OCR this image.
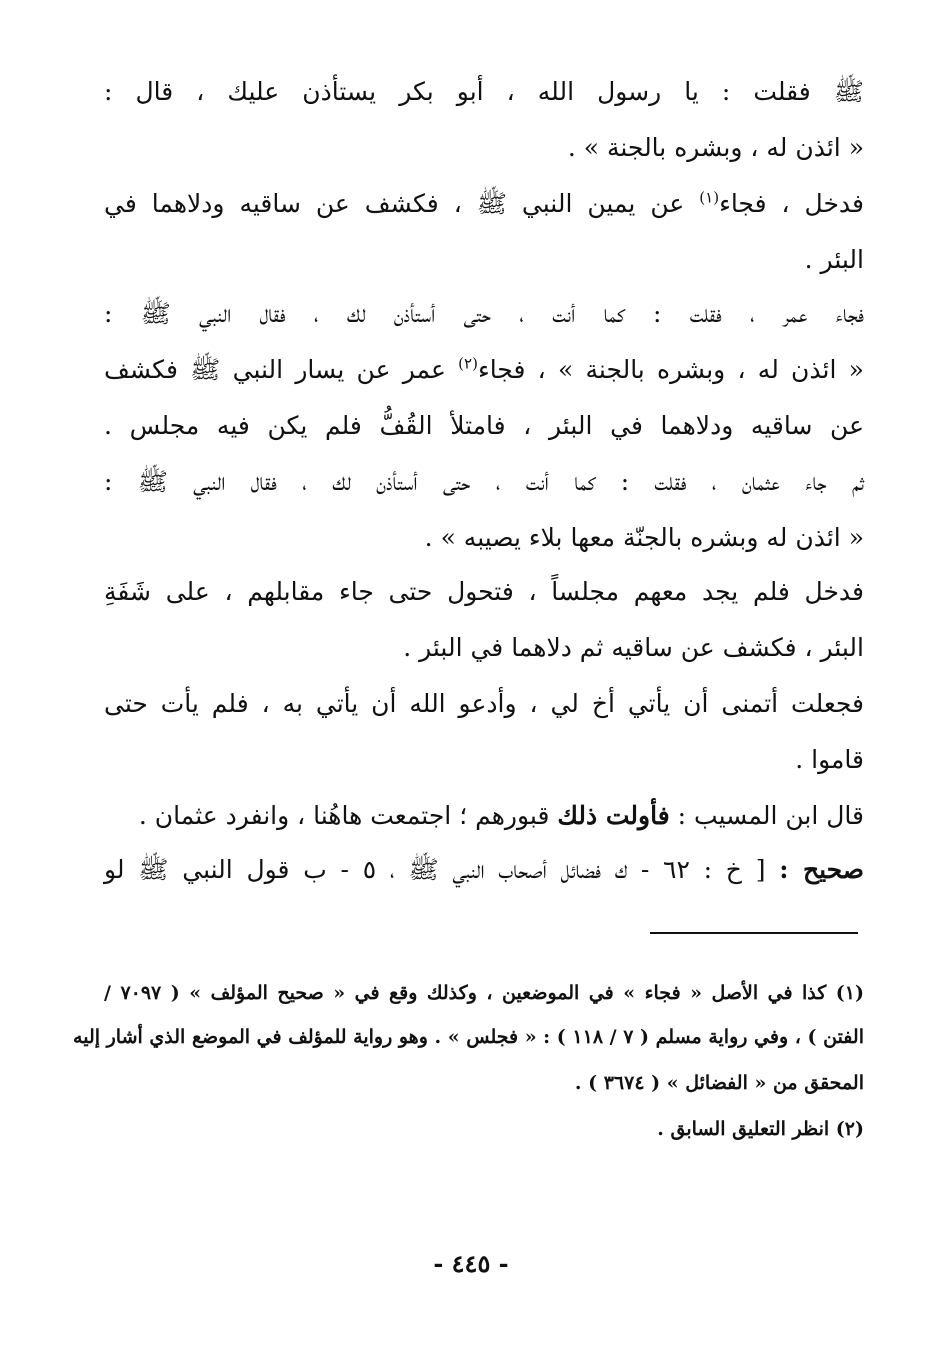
ﷺ فقلت : يا رسول الله ، أبو بكر يستأذن عليك ، قال :
« ائذن له ، وبشره بالجنة » .
فدخل ، فجاء$^{(١)}$ عن يمين النبي ﷺ ، فكشف عن ساقيه ودلاهما في
البئر .
فجاء عمر ، فقلت : كما أنت ، حتى أستأذن لك ، فقال النبي ﷺ :
« ائذن له ، وبشره بالجنة » ، فجاء$^{(٢)}$ عمر عن يسار النبي ﷺ فكشف
عن ساقيه ودلاهما في البئر ، فامتلأ القُفُّ فلم يكن فيه مجلس .
ثم جاء عثمان ، فقلت : كما أنت ، حتى أستأذن لك ، فقال النبي ﷺ :
« ائذن له وبشره بالجنّة معها بلاء يصيبه » .
فدخل فلم يجد معهم مجلساً ، فتحول حتى جاء مقابلهم ، على شَفَةِ
البئر ، فكشف عن ساقيه ثم دلاهما في البئر .
فجعلت أتمنى أن يأتي أخ لي ، وأدعو الله أن يأتي به ، فلم يأت حتى
قاموا .
قال ابن المسيب : فأولت ذلك قبورهم ؛ اجتمعت هاهُنا ، وانفرد عثمان .
صحيح : [ خ : ٦٢ - ك فضائل أصحاب النبي ﷺ ، ٥ - ب قول النبي ﷺ لو
(١) كذا في الأصل « فجاء » في الموضعين ، وكذلك وقع في « صحيح المؤلف » ( ٧٠٩٧ /
الفتن ) ، وفي رواية مسلم ( ٧ / ١١٨ ) : « فجلس » . وهو رواية للمؤلف في الموضع الذي أشار إليه
المحقق من « الفضائل » ( ٣٦٧٤ ) .
(٢) انظر التعليق السابق .
- ٤٤٥ -
